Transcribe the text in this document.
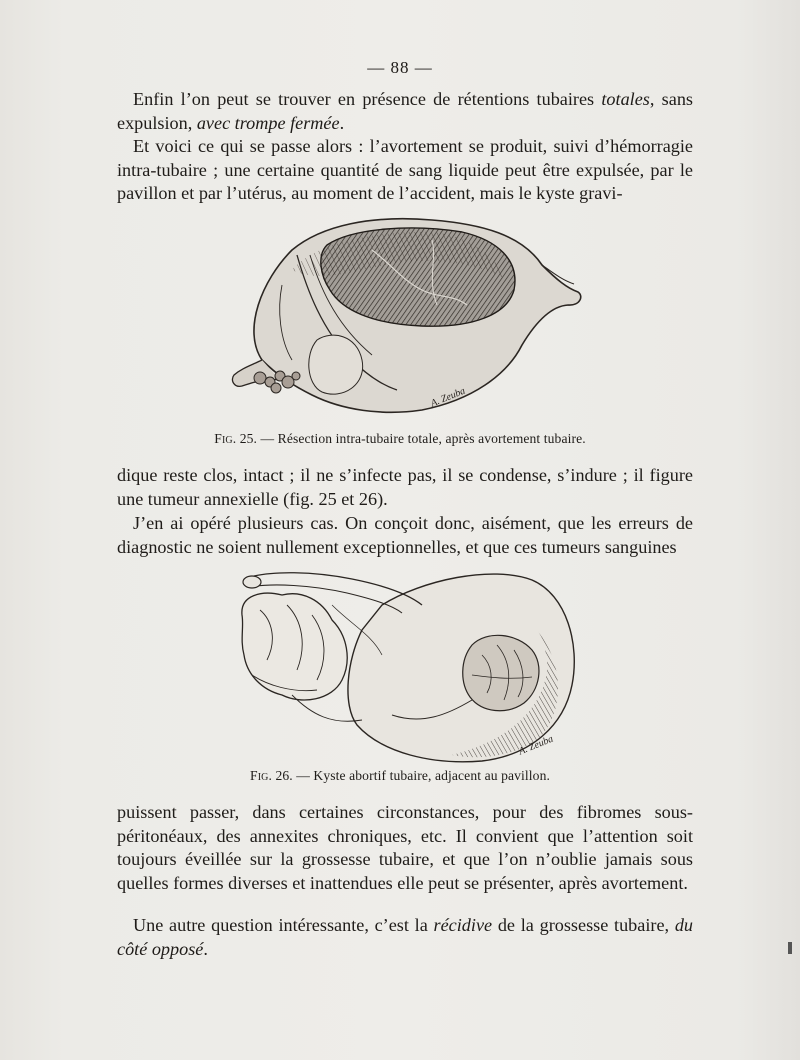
— 88 —

Enfin l’on peut se trouver en présence de rétentions tubaires totales, sans expulsion, avec trompe fermée.

Et voici ce qui se passe alors : l’avortement se produit, suivi d’hémorragie intra-tubaire ; une certaine quantité de sang liquide peut être expulsée, par le pavillon et par l’utérus, au moment de l’accident, mais le kyste gravi-

A. Zeuba
Fig. 25. — Résection intra-tubaire totale, après avortement tubaire.

dique reste clos, intact ; il ne s’infecte pas, il se condense, s’indure ; il figure une tumeur annexielle (fig. 25 et 26).

J’en ai opéré plusieurs cas. On conçoit donc, aisément, que les erreurs de diagnostic ne soient nullement exceptionnelles, et que ces tumeurs sanguines

A. Zeuba
Fig. 26. — Kyste abortif tubaire, adjacent au pavillon.

puissent passer, dans certaines circonstances, pour des fibromes sous-péritonéaux, des annexites chroniques, etc. Il convient que l’attention soit toujours éveillée sur la grossesse tubaire, et que l’on n’oublie jamais sous quelles formes diverses et inattendues elle peut se présenter, après avortement.

Une autre question intéressante, c’est la récidive de la grossesse tubaire, du côté opposé.
